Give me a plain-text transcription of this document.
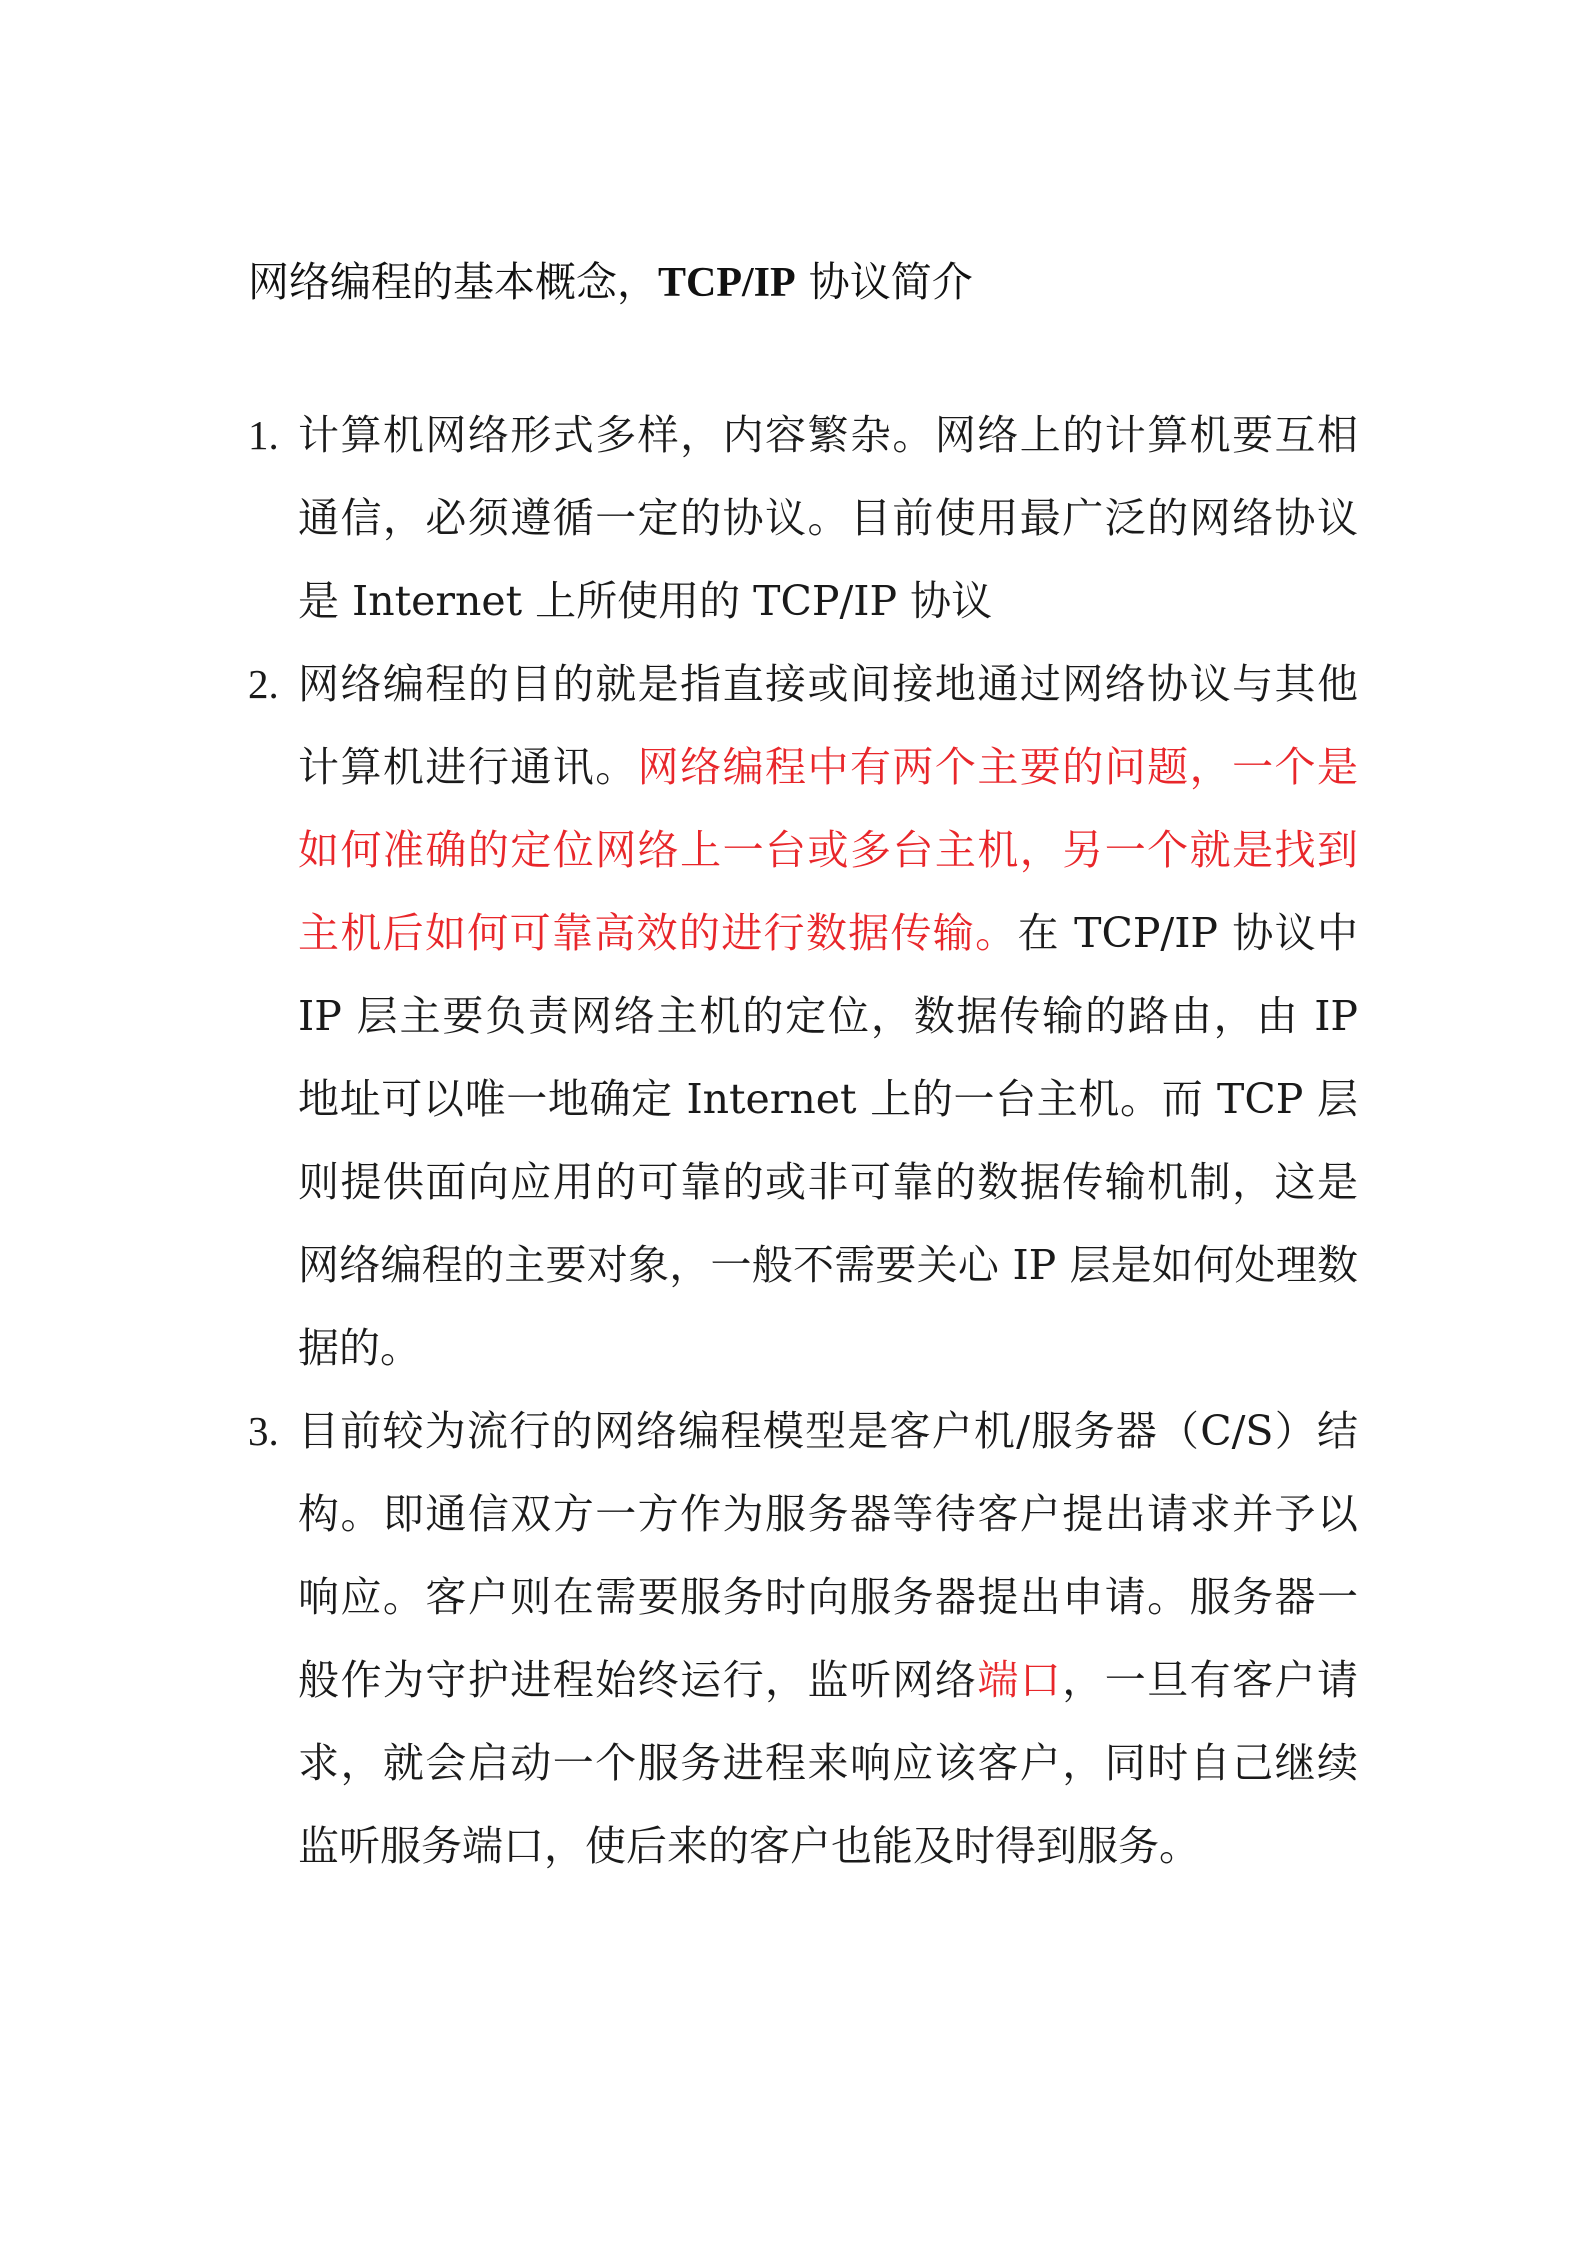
网络编程的基本概念，TCP/IP 协议简介
1. 计算机网络形式多样，内容繁杂。网络上的计算机要互相通信，必须遵循一定的协议。目前使用最广泛的网络协议是 Internet 上所使用的 TCP/IP 协议
2. 网络编程的目的就是指直接或间接地通过网络协议与其他计算机进行通讯。网络编程中有两个主要的问题，一个是如何准确的定位网络上一台或多台主机，另一个就是找到主机后如何可靠高效的进行数据传输。在 TCP/IP 协议中 IP 层主要负责网络主机的定位，数据传输的路由，由 IP 地址可以唯一地确定 Internet 上的一台主机。而 TCP 层则提供面向应用的可靠的或非可靠的数据传输机制，这是网络编程的主要对象，一般不需要关心 IP 层是如何处理数据的。
3. 目前较为流行的网络编程模型是客户机/服务器（C/S）结构。即通信双方一方作为服务器等待客户提出请求并予以响应。客户则在需要服务时向服务器提出申请。服务器一般作为守护进程始终运行，监听网络端口，一旦有客户请求，就会启动一个服务进程来响应该客户，同时自己继续监听服务端口，使后来的客户也能及时得到服务。
